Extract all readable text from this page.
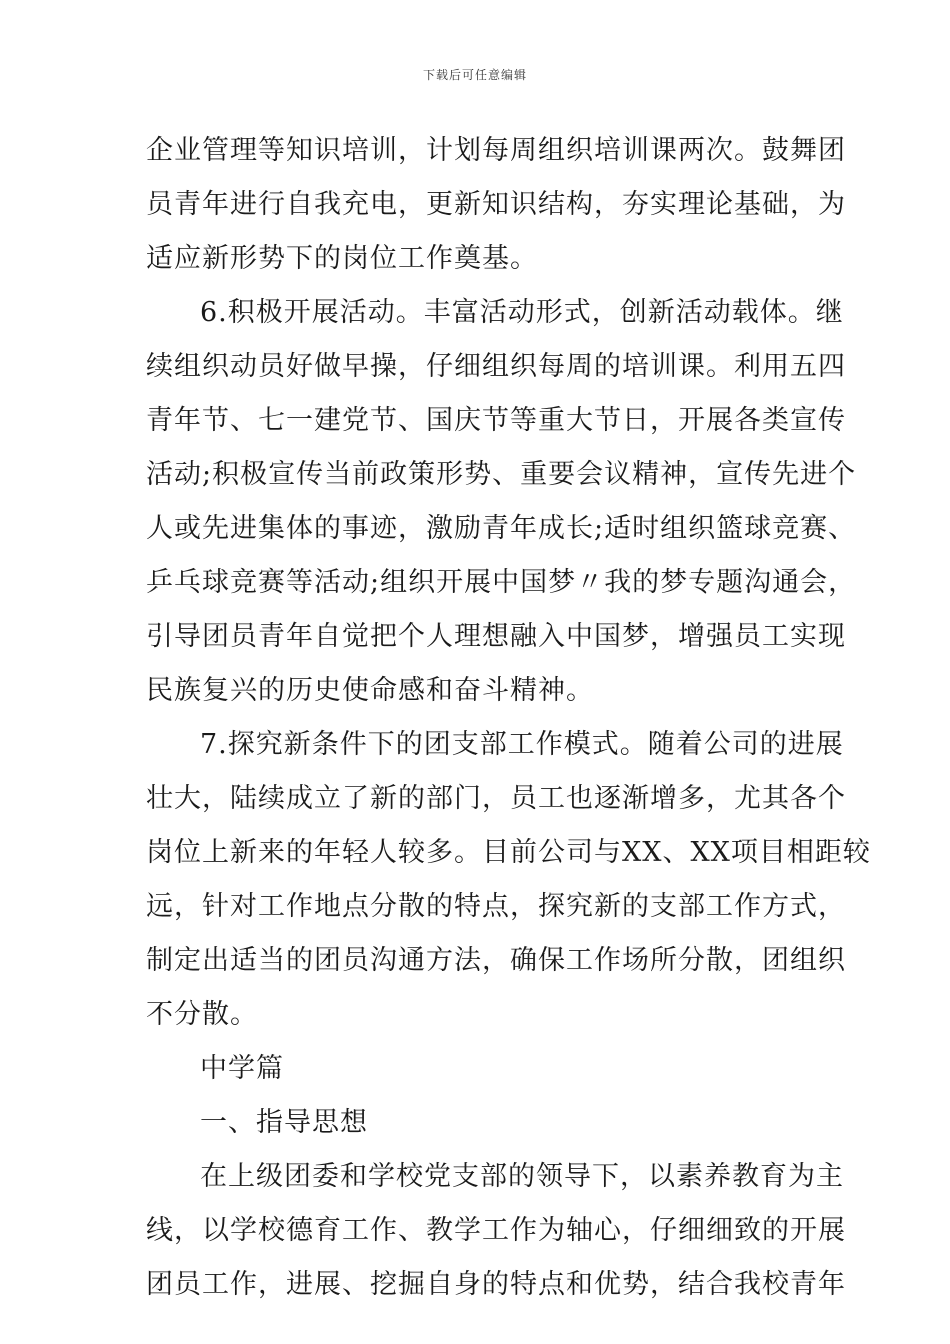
下载后可任意编辑
企业管理等知识培训，计划每周组织培训课两次。鼓舞团
员青年进行自我充电，更新知识结构，夯实理论基础，为
适应新形势下的岗位工作奠基。
6.积极开展活动。丰富活动形式，创新活动载体。继
续组织动员好做早操，仔细组织每周的培训课。利用五四
青年节、七一建党节、国庆节等重大节日，开展各类宣传
活动;积极宣传当前政策形势、重要会议精神，宣传先进个
人或先进集体的事迹，激励青年成长;适时组织篮球竞赛、
乒乓球竞赛等活动;组织开展中国梦〃我的梦专题沟通会，
引导团员青年自觉把个人理想融入中国梦，增强员工实现
民族复兴的历史使命感和奋斗精神。
7.探究新条件下的团支部工作模式。随着公司的进展
壮大，陆续成立了新的部门，员工也逐渐增多，尤其各个
岗位上新来的年轻人较多。目前公司与XX、XX项目相距较
远，针对工作地点分散的特点，探究新的支部工作方式，
制定出适当的团员沟通方法，确保工作场所分散，团组织
不分散。
中学篇
一、指导思想
在上级团委和学校党支部的领导下，以素养教育为主
线，以学校德育工作、教学工作为轴心，仔细细致的开展
团员工作，进展、挖掘自身的特点和优势，结合我校青年
